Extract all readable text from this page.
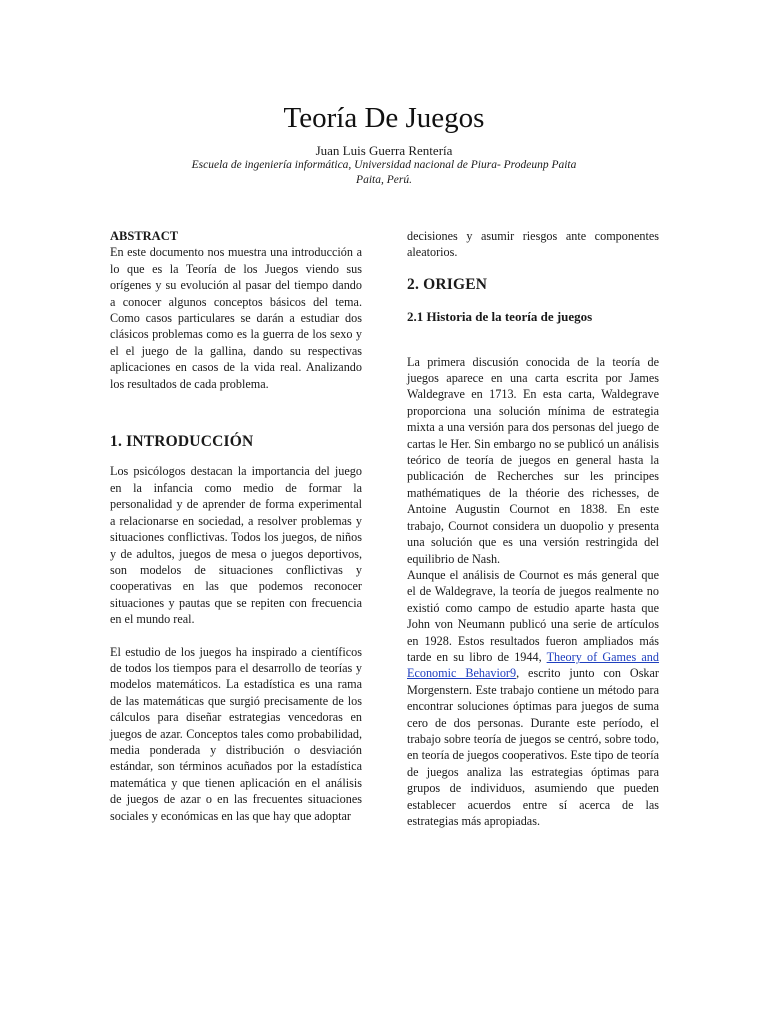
Teoría De Juegos
Juan Luis Guerra Rentería
Escuela de ingeniería informática, Universidad nacional de Piura- Prodeunp Paita
Paita, Perú.

ABSTRACT

En este documento nos muestra una introducción a lo que es la Teoría de los Juegos viendo sus orígenes y su evolución al pasar del tiempo dando a conocer algunos conceptos básicos del tema. Como casos particulares se darán a estudiar dos clásicos problemas como es la guerra de los sexo y el el juego de la gallina, dando su respectivas aplicaciones en casos de la vida real. Analizando los resultados de cada problema.

1. INTRODUCCIÓN

Los psicólogos destacan la importancia del juego en la infancia como medio de formar la personalidad y de aprender de forma experimental a relacionarse en sociedad, a resolver problemas y situaciones conflictivas. Todos los juegos, de niños y de adultos, juegos de mesa o juegos deportivos, son modelos de situaciones conflictivas y cooperativas en las que podemos reconocer situaciones y pautas que se repiten con frecuencia en el mundo real.

El estudio de los juegos ha inspirado a científicos de todos los tiempos para el desarrollo de teorías y modelos matemáticos. La estadística es una rama de las matemáticas que surgió precisamente de los cálculos para diseñar estrategias vencedoras en juegos de azar. Conceptos tales como probabilidad, media ponderada y distribución o desviación estándar, son términos acuñados por la estadística matemática y que tienen aplicación en el análisis de juegos de azar o en las frecuentes situaciones sociales y económicas en las que hay que adoptar

decisiones y asumir riesgos ante componentes aleatorios.

2. ORIGEN

2.1 Historia de la teoría de juegos

La primera discusión conocida de la teoría de juegos aparece en una carta escrita por James Waldegrave en 1713. En esta carta, Waldegrave proporciona una solución mínima de estrategia mixta a una versión para dos personas del juego de cartas le Her. Sin embargo no se publicó un análisis teórico de teoría de juegos en general hasta la publicación de Recherches sur les principes mathématiques de la théorie des richesses, de Antoine Augustin Cournot en 1838. En este trabajo, Cournot considera un duopolio y presenta una solución que es una versión restringida del equilibrio de Nash.

Aunque el análisis de Cournot es más general que el de Waldegrave, la teoría de juegos realmente no existió como campo de estudio aparte hasta que John von Neumann publicó una serie de artículos en 1928. Estos resultados fueron ampliados más tarde en su libro de 1944, Theory of Games and Economic Behavior9, escrito junto con Oskar Morgenstern. Este trabajo contiene un método para encontrar soluciones óptimas para juegos de suma cero de dos personas. Durante este período, el trabajo sobre teoría de juegos se centró, sobre todo, en teoría de juegos cooperativos. Este tipo de teoría de juegos analiza las estrategias óptimas para grupos de individuos, asumiendo que pueden establecer acuerdos entre sí acerca de las estrategias más apropiadas.
